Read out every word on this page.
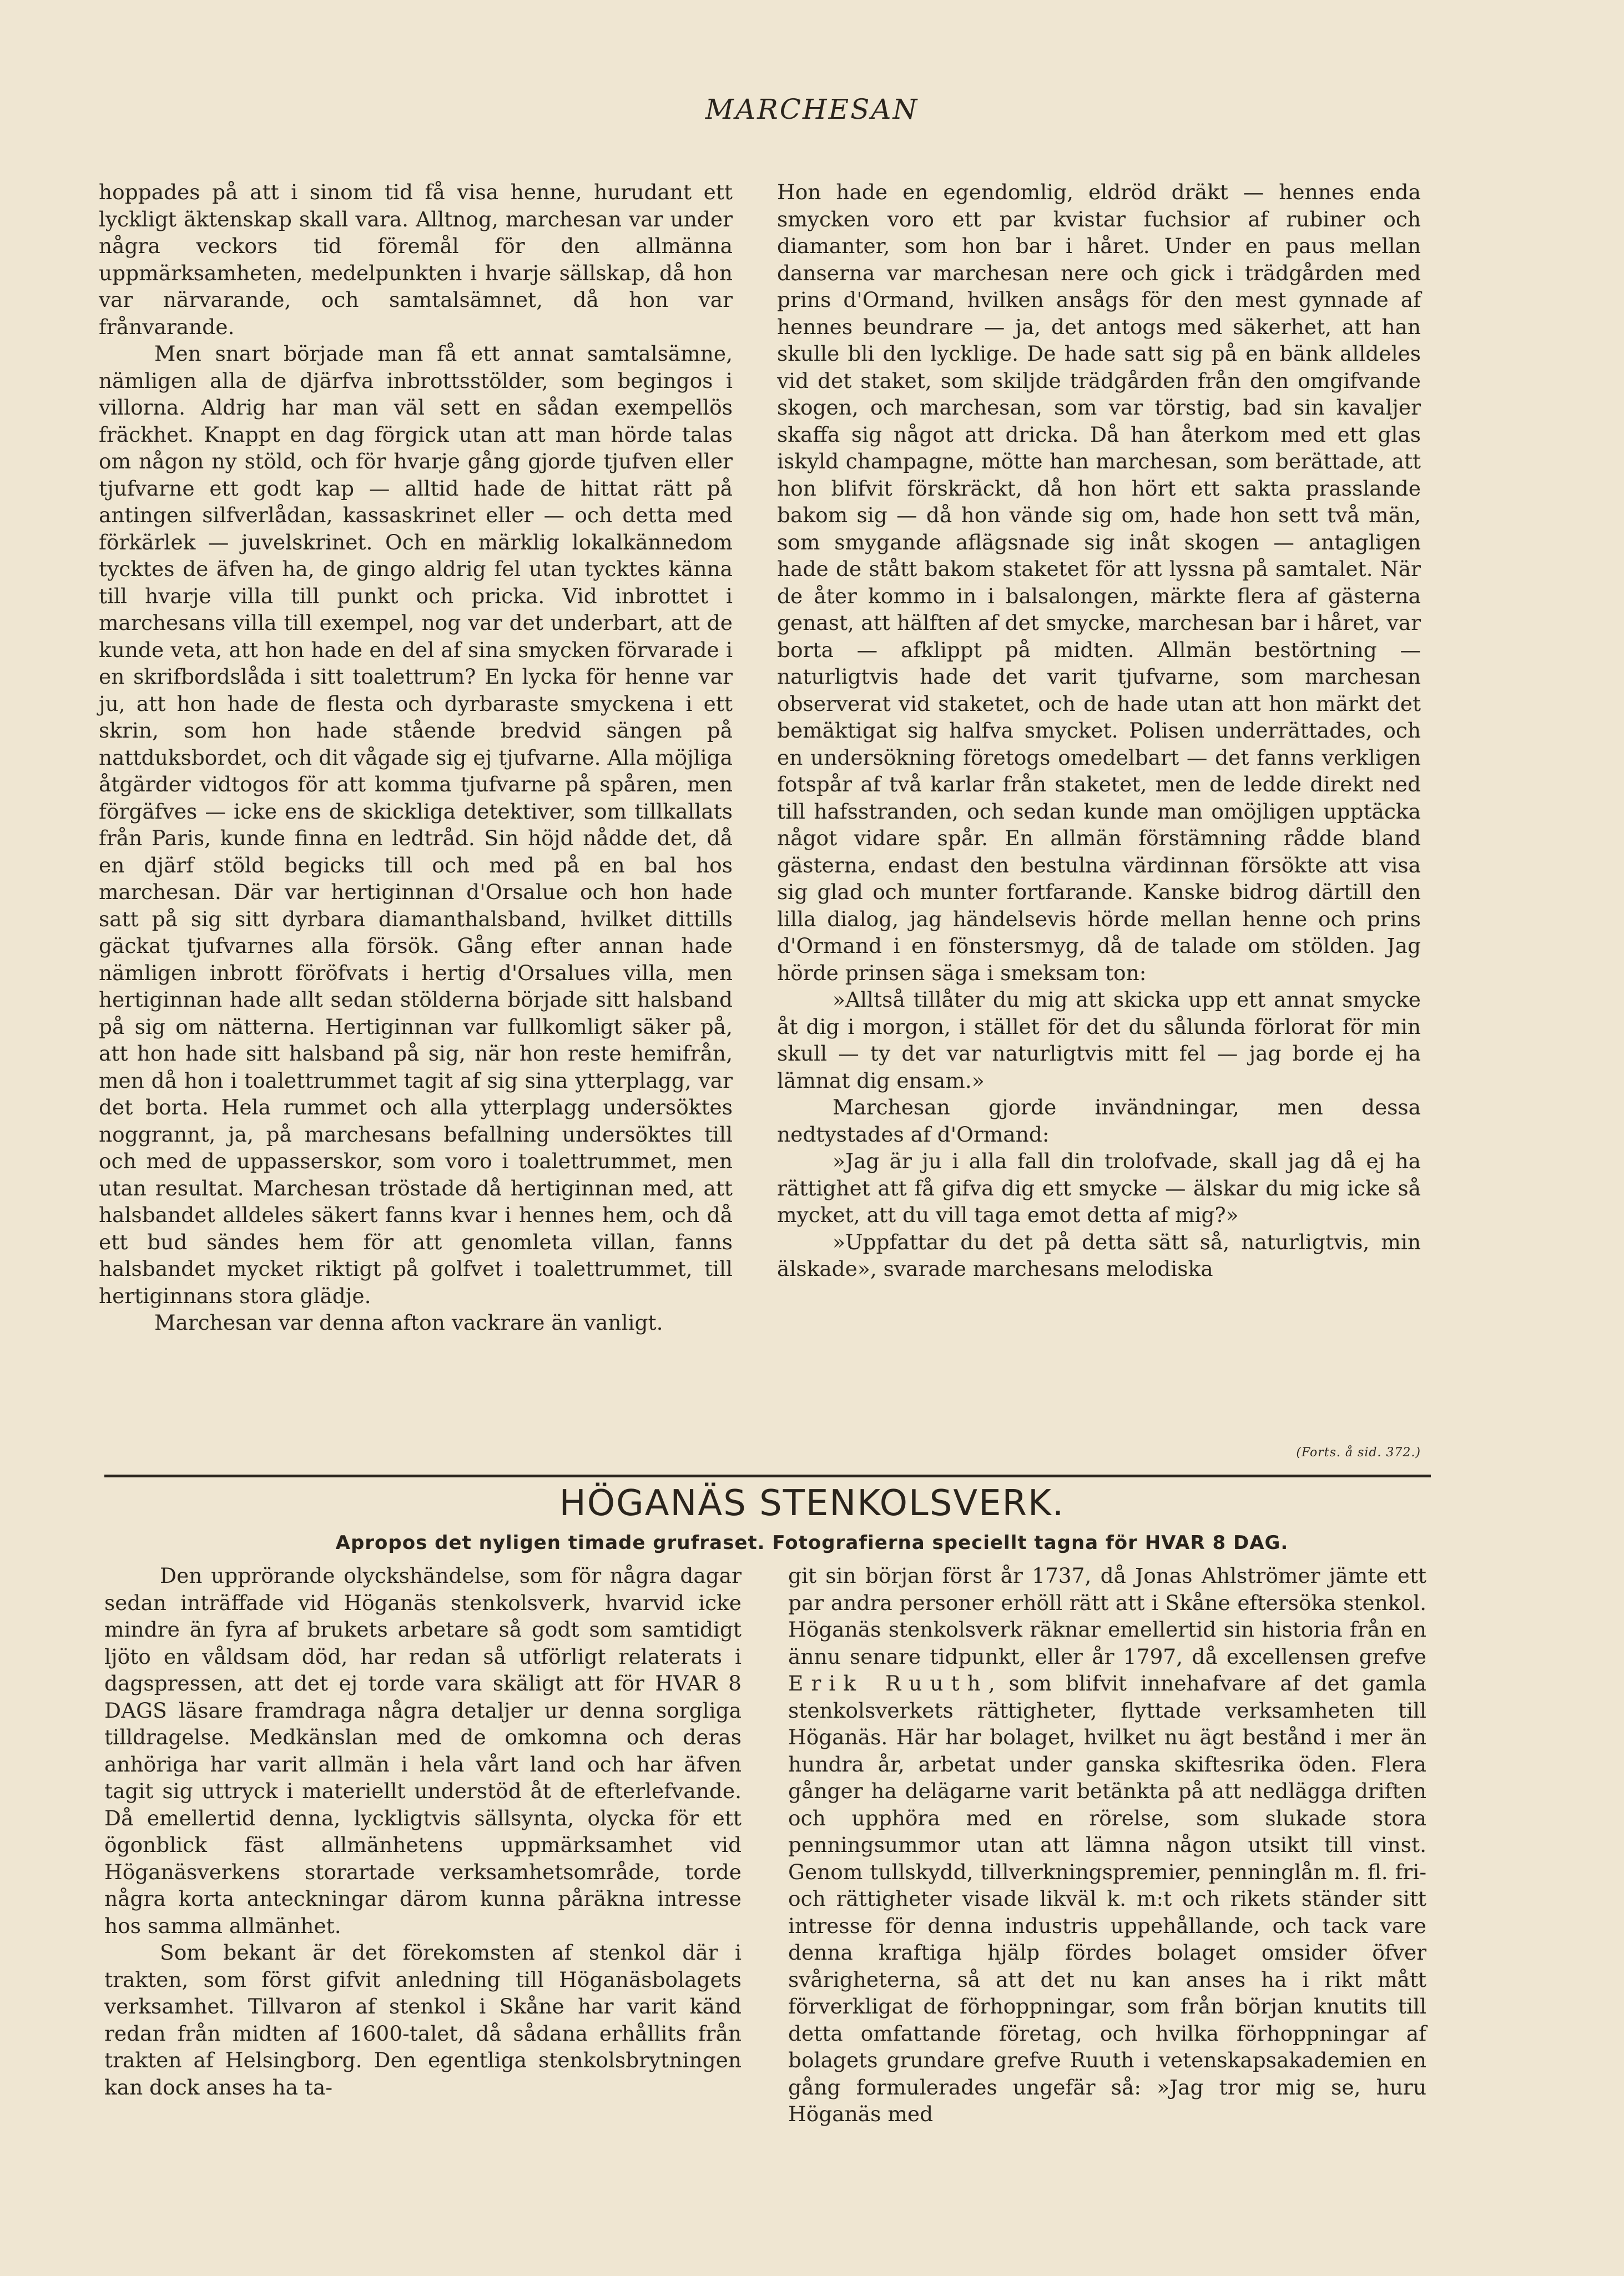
MARCHESAN

hoppades på att i sinom tid få visa henne, hurudant ett lyckligt äktenskap skall vara. Alltnog, marchesan var under några veckors tid föremål för den allmänna uppmärksamheten, medelpunkten i hvarje sällskap, då hon var närvarande, och samtalsämnet, då hon var frånvarande.

Men snart började man få ett annat samtalsämne, nämligen alla de djärfva inbrottsstölder, som begingos i villorna. Aldrig har man väl sett en sådan exempellös fräckhet. Knappt en dag förgick utan att man hörde talas om någon ny stöld, och för hvarje gång gjorde tjufven eller tjufvarne ett godt kap — alltid hade de hittat rätt på antingen silfverlådan, kassaskrinet eller — och detta med förkärlek — juvelskrinet. Och en märklig lokalkännedom tycktes de äfven ha, de gingo aldrig fel utan tycktes känna till hvarje villa till punkt och pricka. Vid inbrottet i marchesans villa till exempel, nog var det underbart, att de kunde veta, att hon hade en del af sina smycken förvarade i en skrifbordslåda i sitt toalettrum? En lycka för henne var ju, att hon hade de flesta och dyrbaraste smyckena i ett skrin, som hon hade stående bredvid sängen på nattduksbordet, och dit vågade sig ej tjufvarne. Alla möjliga åtgärder vidtogos för att komma tjufvarne på spåren, men förgäfves — icke ens de skickliga detektiver, som tillkallats från Paris, kunde finna en ledtråd. Sin höjd nådde det, då en djärf stöld begicks till och med på en bal hos marchesan. Där var hertiginnan d'Orsalue och hon hade satt på sig sitt dyrbara diamanthalsband, hvilket dittills gäckat tjufvarnes alla försök. Gång efter annan hade nämligen inbrott föröfvats i hertig d'Orsalues villa, men hertiginnan hade allt sedan stölderna började sitt halsband på sig om nätterna. Hertiginnan var fullkomligt säker på, att hon hade sitt halsband på sig, när hon reste hemifrån, men då hon i toalettrummet tagit af sig sina ytterplagg, var det borta. Hela rummet och alla ytterplagg undersöktes noggrannt, ja, på marchesans befallning undersöktes till och med de uppasserskor, som voro i toalettrummet, men utan resultat. Marchesan tröstade då hertiginnan med, att halsbandet alldeles säkert fanns kvar i hennes hem, och då ett bud sändes hem för att genomleta villan, fanns halsbandet mycket riktigt på golfvet i toalettrummet, till hertiginnans stora glädje.

Marchesan var denna afton vackrare än vanligt.

Hon hade en egendomlig, eldröd dräkt — hennes enda smycken voro ett par kvistar fuchsior af rubiner och diamanter, som hon bar i håret. Under en paus mellan danserna var marchesan nere och gick i trädgården med prins d'Ormand, hvilken ansågs för den mest gynnade af hennes beundrare — ja, det antogs med säkerhet, att han skulle bli den lycklige. De hade satt sig på en bänk alldeles vid det staket, som skiljde trädgården från den omgifvande skogen, och marchesan, som var törstig, bad sin kavaljer skaffa sig något att dricka. Då han återkom med ett glas iskyld champagne, mötte han marchesan, som berättade, att hon blifvit förskräckt, då hon hört ett sakta prasslande bakom sig — då hon vände sig om, hade hon sett två män, som smygande aflägsnade sig inåt skogen — antagligen hade de stått bakom staketet för att lyssna på samtalet. När de åter kommo in i balsalongen, märkte flera af gästerna genast, att hälften af det smycke, marchesan bar i håret, var borta — afklippt på midten. Allmän bestörtning — naturligtvis hade det varit tjufvarne, som marchesan observerat vid staketet, och de hade utan att hon märkt det bemäktigat sig halfva smycket. Polisen underrättades, och en undersökning företogs omedelbart — det fanns verkligen fotspår af två karlar från staketet, men de ledde direkt ned till hafsstranden, och sedan kunde man omöjligen upptäcka något vidare spår. En allmän förstämning rådde bland gästerna, endast den bestulna värdinnan försökte att visa sig glad och munter fortfarande. Kanske bidrog därtill den lilla dialog, jag händelsevis hörde mellan henne och prins d'Ormand i en fönstersmyg, då de talade om stölden. Jag hörde prinsen säga i smeksam ton:

»Alltså tillåter du mig att skicka upp ett annat smycke åt dig i morgon, i stället för det du sålunda förlorat för min skull — ty det var naturligtvis mitt fel — jag borde ej ha lämnat dig ensam.»

Marchesan gjorde invändningar, men dessa nedtystades af d'Ormand:

»Jag är ju i alla fall din trolofvade, skall jag då ej ha rättighet att få gifva dig ett smycke — älskar du mig icke så mycket, att du vill taga emot detta af mig?»

»Uppfattar du det på detta sätt så, naturligtvis, min älskade», svarade marchesans melodiska

(Forts. å sid. 372.)
HÖGANÄS STENKOLSVERK.
Apropos det nyligen timade grufraset. Fotografierna speciellt tagna för HVAR 8 DAG.

Den upprörande olyckshändelse, som för några dagar sedan inträffade vid Höganäs stenkolsverk, hvarvid icke mindre än fyra af brukets arbetare så godt som samtidigt ljöto en våldsam död, har redan så utförligt relaterats i dagspressen, att det ej torde vara skäligt att för HVAR 8 DAGS läsare framdraga några detaljer ur denna sorgliga tilldragelse. Medkänslan med de omkomna och deras anhöriga har varit allmän i hela vårt land och har äfven tagit sig uttryck i materiellt understöd åt de efterlefvande. Då emellertid denna, lyckligtvis sällsynta, olycka för ett ögonblick fäst allmänhetens uppmärksamhet vid Höganäsverkens storartade verksamhetsområde, torde några korta anteckningar därom kunna påräkna intresse hos samma allmänhet.

Som bekant är det förekomsten af stenkol där i trakten, som först gifvit anledning till Höganäsbolagets verksamhet. Tillvaron af stenkol i Skåne har varit känd redan från midten af 1600-talet, då sådana erhållits från trakten af Helsingborg. Den egentliga stenkolsbrytningen kan dock anses ha ta-

git sin början först år 1737, då Jonas Ahlströmer jämte ett par andra personer erhöll rätt att i Skåne eftersöka stenkol. Höganäs stenkolsverk räknar emellertid sin historia från en ännu senare tidpunkt, eller år 1797, då excellensen grefve Erik Ruuth, som blifvit innehafvare af det gamla stenkolsverkets rättigheter, flyttade verksamheten till Höganäs. Här har bolaget, hvilket nu ägt bestånd i mer än hundra år, arbetat under ganska skiftesrika öden. Flera gånger ha delägarne varit betänkta på att nedlägga driften och upphöra med en rörelse, som slukade stora penningsummor utan att lämna någon utsikt till vinst. Genom tullskydd, tillverkningspremier, penninglån m. fl. fri- och rättigheter visade likväl k. m:t och rikets ständer sitt intresse för denna industris uppehållande, och tack vare denna kraftiga hjälp fördes bolaget omsider öfver svårigheterna, så att det nu kan anses ha i rikt mått förverkligat de förhoppningar, som från början knutits till detta omfattande företag, och hvilka förhoppningar af bolagets grundare grefve Ruuth i vetenskapsakademien en gång formulerades ungefär så: »Jag tror mig se, huru Höganäs med
